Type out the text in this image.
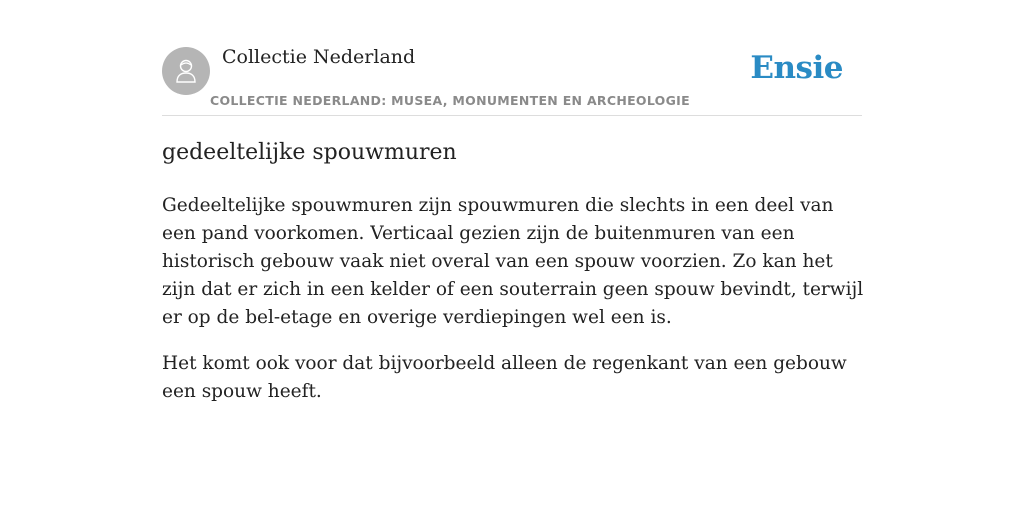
Collectie Nederland
COLLECTIE NEDERLAND: MUSEA, MONUMENTEN EN ARCHEOLOGIE
Ensie
gedeeltelijke spouwmuren

Gedeeltelijke spouwmuren zijn spouwmuren die slechts in een deel van een pand voorkomen. Verticaal gezien zijn de buitenmuren van een historisch gebouw vaak niet overal van een spouw voorzien. Zo kan het zijn dat er zich in een kelder of een souterrain geen spouw bevindt, terwijl er op de bel-etage en overige verdiepingen wel een is.

Het komt ook voor dat bijvoorbeeld alleen de regenkant van een gebouw een spouw heeft.
